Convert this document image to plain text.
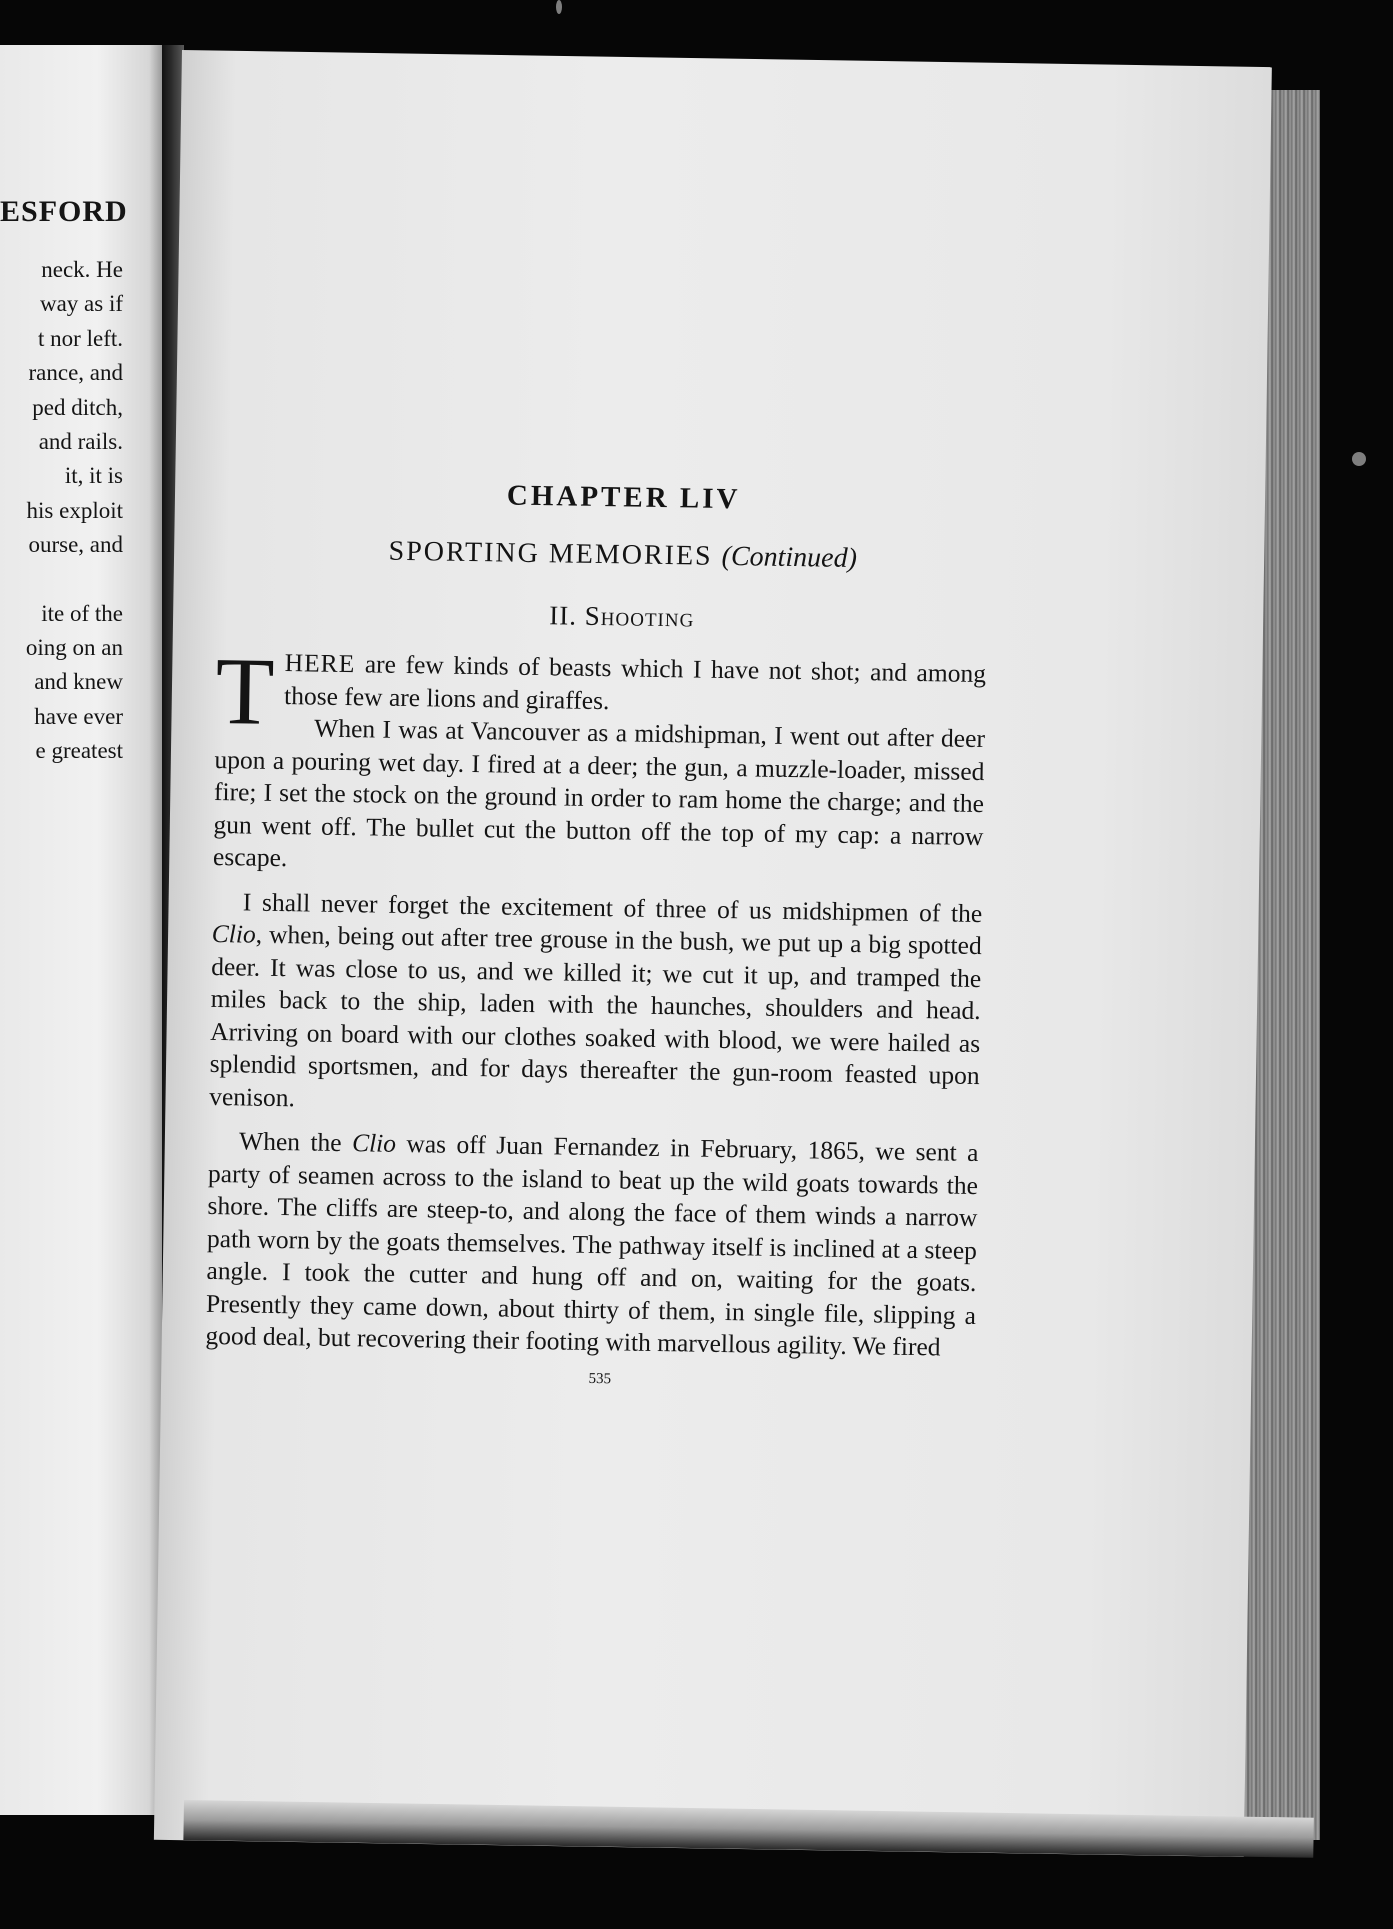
ESFORD
neck. He
way as if
t nor left.
rance, and
ped ditch,
and rails.
it, it is
his exploit
ourse, and
ite of the
oing on an
and knew
have ever
e greatest
CHAPTER LIV
SPORTING MEMORIES (Continued)
II. Shooting

THERE are few kinds of beasts which I have not shot; and among those few are lions and giraffes.

When I was at Vancouver as a midshipman, I went out after deer upon a pouring wet day. I fired at a deer; the gun, a muzzle-loader, missed fire; I set the stock on the ground in order to ram home the charge; and the gun went off. The bullet cut the button off the top of my cap: a narrow escape.

I shall never forget the excitement of three of us midshipmen of the Clio, when, being out after tree grouse in the bush, we put up a big spotted deer. It was close to us, and we killed it; we cut it up, and tramped the miles back to the ship, laden with the haunches, shoulders and head. Arriving on board with our clothes soaked with blood, we were hailed as splendid sportsmen, and for days thereafter the gun-room feasted upon venison.

When the Clio was off Juan Fernandez in February, 1865, we sent a party of seamen across to the island to beat up the wild goats towards the shore. The cliffs are steep-to, and along the face of them winds a narrow path worn by the goats themselves. The pathway itself is inclined at a steep angle. I took the cutter and hung off and on, waiting for the goats. Presently they came down, about thirty of them, in single file, slipping a good deal, but recovering their footing with marvellous agility. We fired

535
